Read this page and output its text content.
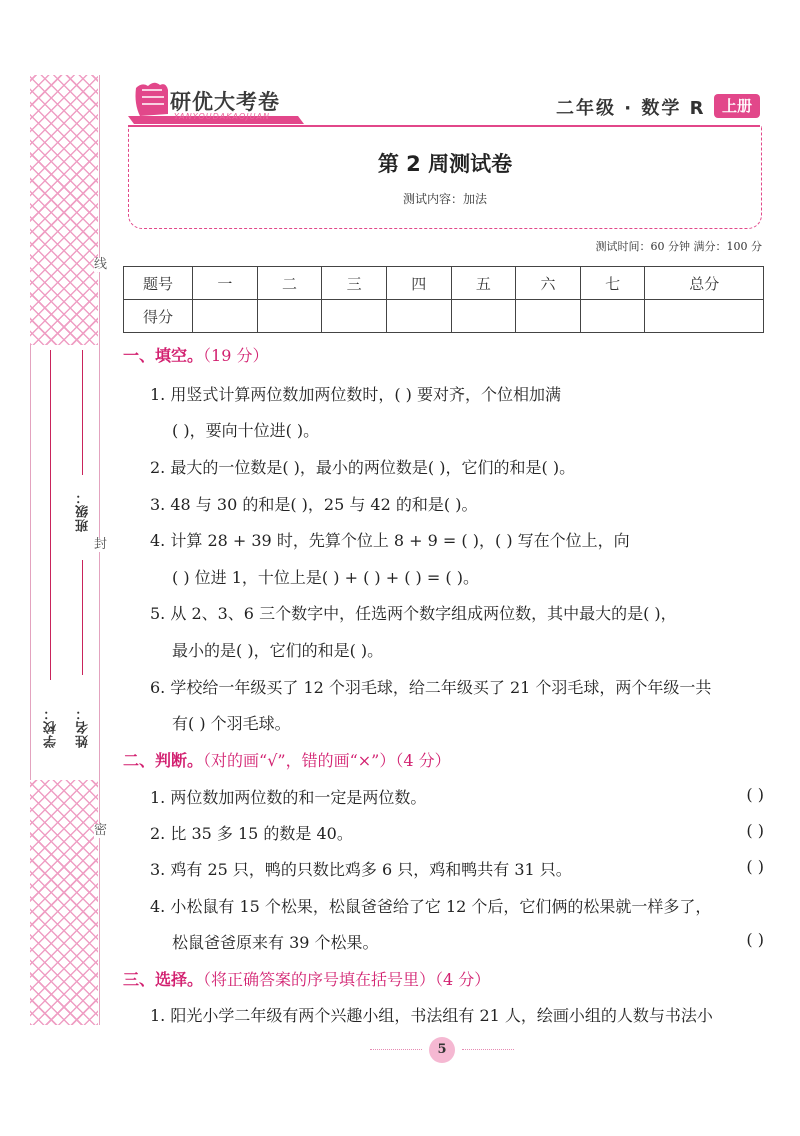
线
封
密
班级：
学校： 姓名：
研优大考卷
YANYOUDAKAOJUAN	二年级 · 数学 R	上册
第 2 周测试卷
测试内容：加法
测试时间：60 分钟 满分：100 分
题号	一	二	三	四	五	六	七	总分
得分								
一、填空。（19 分）
1. 用竖式计算两位数加两位数时，( ) 要对齐，个位相加满
( )，要向十位进( )。
2. 最大的一位数是( )，最小的两位数是( )，它们的和是( )。
3. 48 与 30 的和是( )，25 与 42 的和是( )。
4. 计算 28 + 39 时，先算个位上 8 + 9 = ( )，( ) 写在个位上，向
( ) 位进 1，十位上是( ) + ( ) + ( ) = ( )。
5. 从 2、3、6 三个数字中，任选两个数字组成两位数，其中最大的是( )，
最小的是( )，它们的和是( )。
6. 学校给一年级买了 12 个羽毛球，给二年级买了 21 个羽毛球，两个年级一共
有( ) 个羽毛球。
二、判断。（对的画“√”，错的画“×”）（4 分）
1. 两位数加两位数的和一定是两位数。	( )
2. 比 35 多 15 的数是 40。	( )
3. 鸡有 25 只，鸭的只数比鸡多 6 只，鸡和鸭共有 31 只。	( )
4. 小松鼠有 15 个松果，松鼠爸爸给了它 12 个后，它们俩的松果就一样多了，
松鼠爸爸原来有 39 个松果。	( )
三、选择。（将正确答案的序号填在括号里）（4 分）
1. 阳光小学二年级有两个兴趣小组，书法组有 21 人，绘画小组的人数与书法小
5
